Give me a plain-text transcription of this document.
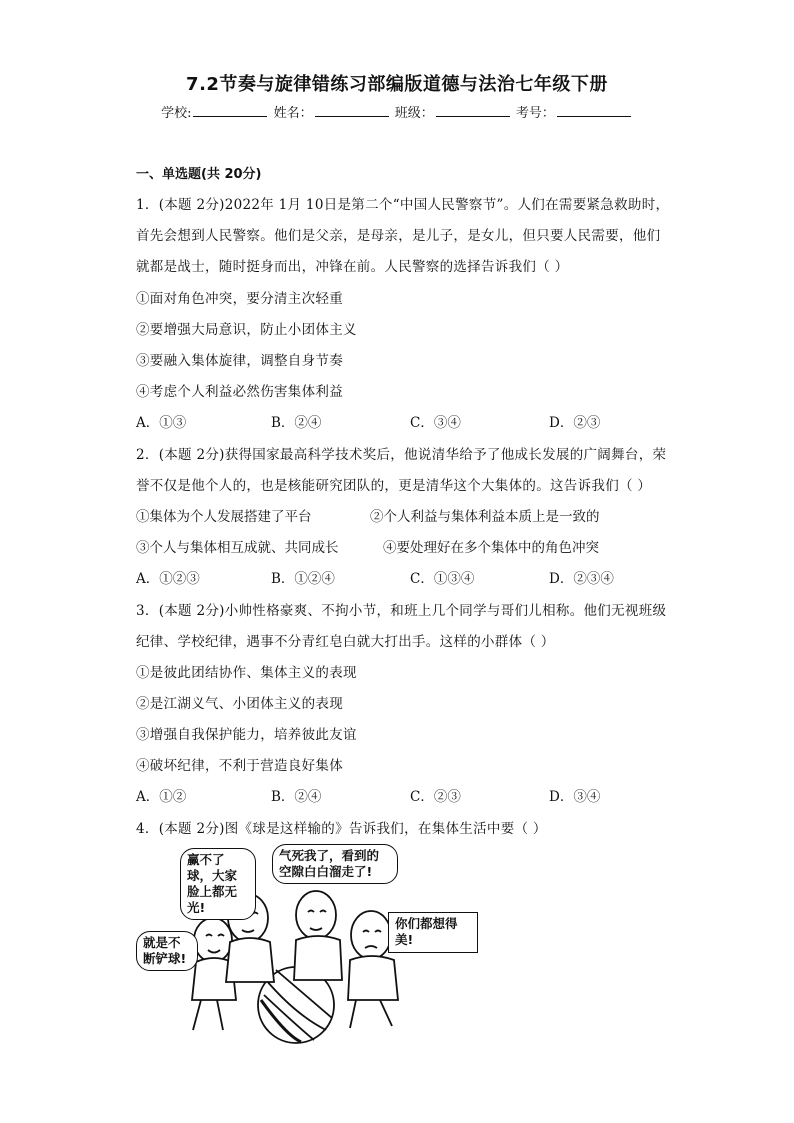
7.2节奏与旋律错练习部编版道德与法治七年级下册
学校:	姓名：	班级：	考号：
一、单选题(共 20分)
1．(本题 2分)2022年 1月 10日是第二个“中国人民警察节”。人们在需要紧急救助时，
首先会想到人民警察。他们是父亲，是母亲，是儿子，是女儿，但只要人民需要，他们
就都是战士，随时挺身而出，冲锋在前。人民警察的选择告诉我们（ ）
①面对角色冲突，要分清主次轻重
②要增强大局意识，防止小团体主义
③要融入集体旋律，调整自身节奏
④考虑个人利益必然伤害集体利益
A．①③	B．②④	C．③④	D．②③
2．(本题 2分)获得国家最高科学技术奖后，他说清华给予了他成长发展的广阔舞台，荣
誉不仅是他个人的，也是核能研究团队的，更是清华这个大集体的。这告诉我们（ ）
①集体为个人发展搭建了平台	②个人利益与集体利益本质上是一致的
③个人与集体相互成就、共同成长	④要处理好在多个集体中的角色冲突
A．①②③	B．①②④	C．①③④	D．②③④
3．(本题 2分)小帅性格豪爽、不拘小节，和班上几个同学与哥们儿相称。他们无视班级
纪律、学校纪律，遇事不分青红皂白就大打出手。这样的小群体（ ）
①是彼此团结协作、集体主义的表现
②是江湖义气、小团体主义的表现
③增强自我保护能力，培养彼此友谊
④破坏纪律，不利于营造良好集体
A．①②	B．②④	C．②③	D．③④
4．(本题 2分)图《球是这样输的》告诉我们，在集体生活中要（ ）
赢不了球，大家脸上都无光!
气死我了，看到的空隙白白溜走了!
你们都想得美!
就是不断铲球!
